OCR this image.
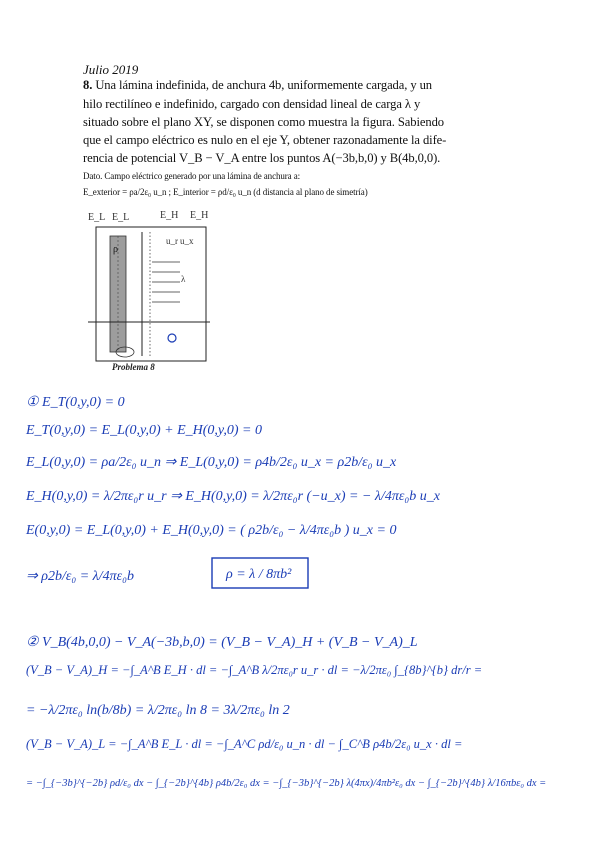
Julio 2019
8. Una lámina indefinida, de anchura 4b, uniformemente cargada, y un
hilo rectilíneo e indefinido, cargado con densidad lineal de carga λ y
situado sobre el plano XY, se disponen como muestra la figura. Sabiendo
que el campo eléctrico es nulo en el eje Y, obtener razonadamente la dife-
rencia de potencial V_B − V_A entre los puntos A(−3b,b,0) y B(4b,0,0).
Dato. Campo eléctrico generado por una lámina de anchura a:
E_exterior = ρa/2ε₀ u_n ; E_interior = ρd/ε₀ u_n (d distancia al plano de simetría)
E_L E_L	E_H E_H
ρ
u_r u_x
λ
Problema 8
① E_T(0,y,0) = 0
E_T(0,y,0) = E_L(0,y,0) + E_H(0,y,0) = 0
E_L(0,y,0) = ρa/2ε₀ u_n ⇒ E_L(0,y,0) = ρ4b/2ε₀ u_x = ρ2b/ε₀ u_x
E_H(0,y,0) = λ/2πε₀r u_r ⇒ E_H(0,y,0) = λ/2πε₀r (−u_x) = − λ/4πε₀b u_x
E(0,y,0) = E_L(0,y,0) + E_H(0,y,0) = ( ρ2b/ε₀ − λ/4πε₀b ) u_x = 0
⇒ ρ2b/ε₀ = λ/4πε₀b	ρ = λ / 8πb²
② V_B(4b,0,0) − V_A(−3b,b,0) = (V_B − V_A)_H + (V_B − V_A)_L
(V_B − V_A)_H = −∫_A^B E_H · dl = −∫_A^B λ/2πε₀r u_r · dl = −λ/2πε₀ ∫_{8b}^{b} dr/r =
= −λ/2πε₀ ln(b/8b) = λ/2πε₀ ln 8 = 3λ/2πε₀ ln 2
(V_B − V_A)_L = −∫_A^B E_L · dl = −∫_A^C ρd/ε₀ u_n · dl − ∫_C^B ρ4b/2ε₀ u_x · dl =
= −∫_{−3b}^{−2b} ρd/ε₀ dx − ∫_{−2b}^{4b} ρ4b/2ε₀ dx = −∫_{−3b}^{−2b} λ(4πx)/4πb²ε₀ dx − ∫_{−2b}^{4b} λ/16πbε₀ dx =
